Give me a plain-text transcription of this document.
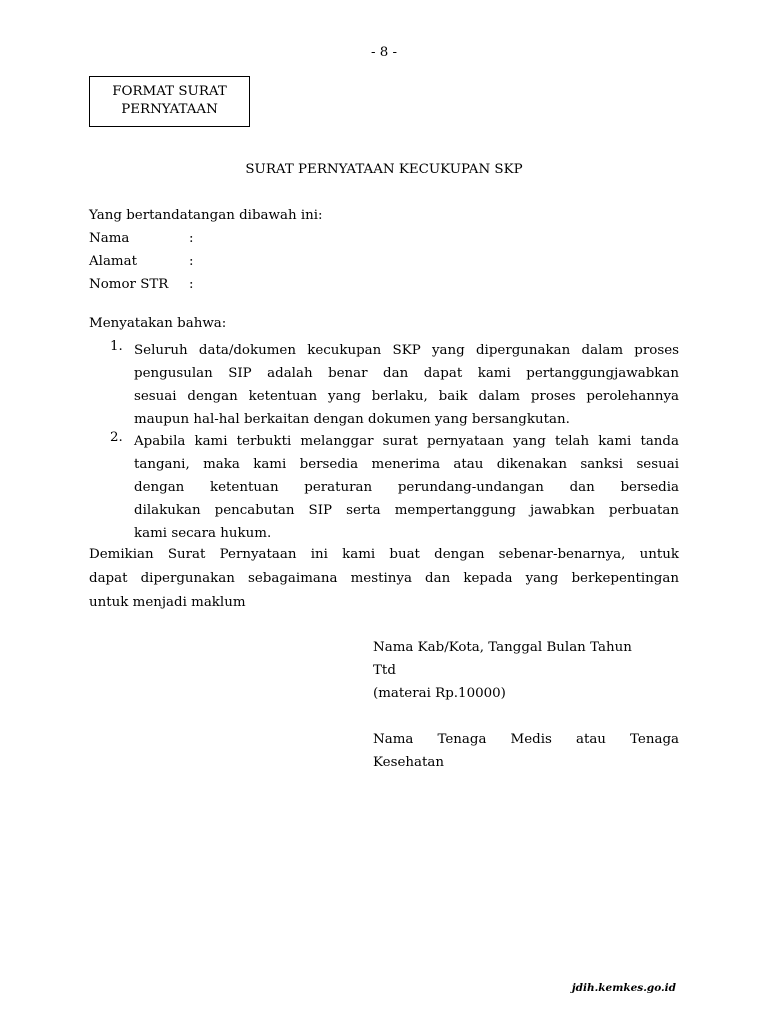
- 8 -
FORMAT SURAT
PERNYATAAN
SURAT PERNYATAAN KECUKUPAN SKP
Yang bertandatangan dibawah ini:
Nama	:
Alamat	:
Nomor STR :
Menyatakan bahwa:
1. Seluruh data/dokumen kecukupan SKP yang dipergunakan dalam proses
pengusulan SIP adalah benar dan dapat kami pertanggungjawabkan
sesuai dengan ketentuan yang berlaku, baik dalam proses perolehannya
maupun hal-hal berkaitan dengan dokumen yang bersangkutan.
2. Apabila kami terbukti melanggar surat pernyataan yang telah kami tanda
tangani, maka kami bersedia menerima atau dikenakan sanksi sesuai
dengan ketentuan peraturan perundang-undangan dan bersedia
dilakukan pencabutan SIP serta mempertanggung jawabkan perbuatan
kami secara hukum.
Demikian Surat Pernyataan ini kami buat dengan sebenar-benarnya, untuk
dapat dipergunakan sebagaimana mestinya dan kepada yang berkepentingan
untuk menjadi maklum
Nama Kab/Kota, Tanggal Bulan Tahun
Ttd
(materai Rp.10000)
Nama Tenaga Medis atau Tenaga
Kesehatan
jdih.kemkes.go.id
